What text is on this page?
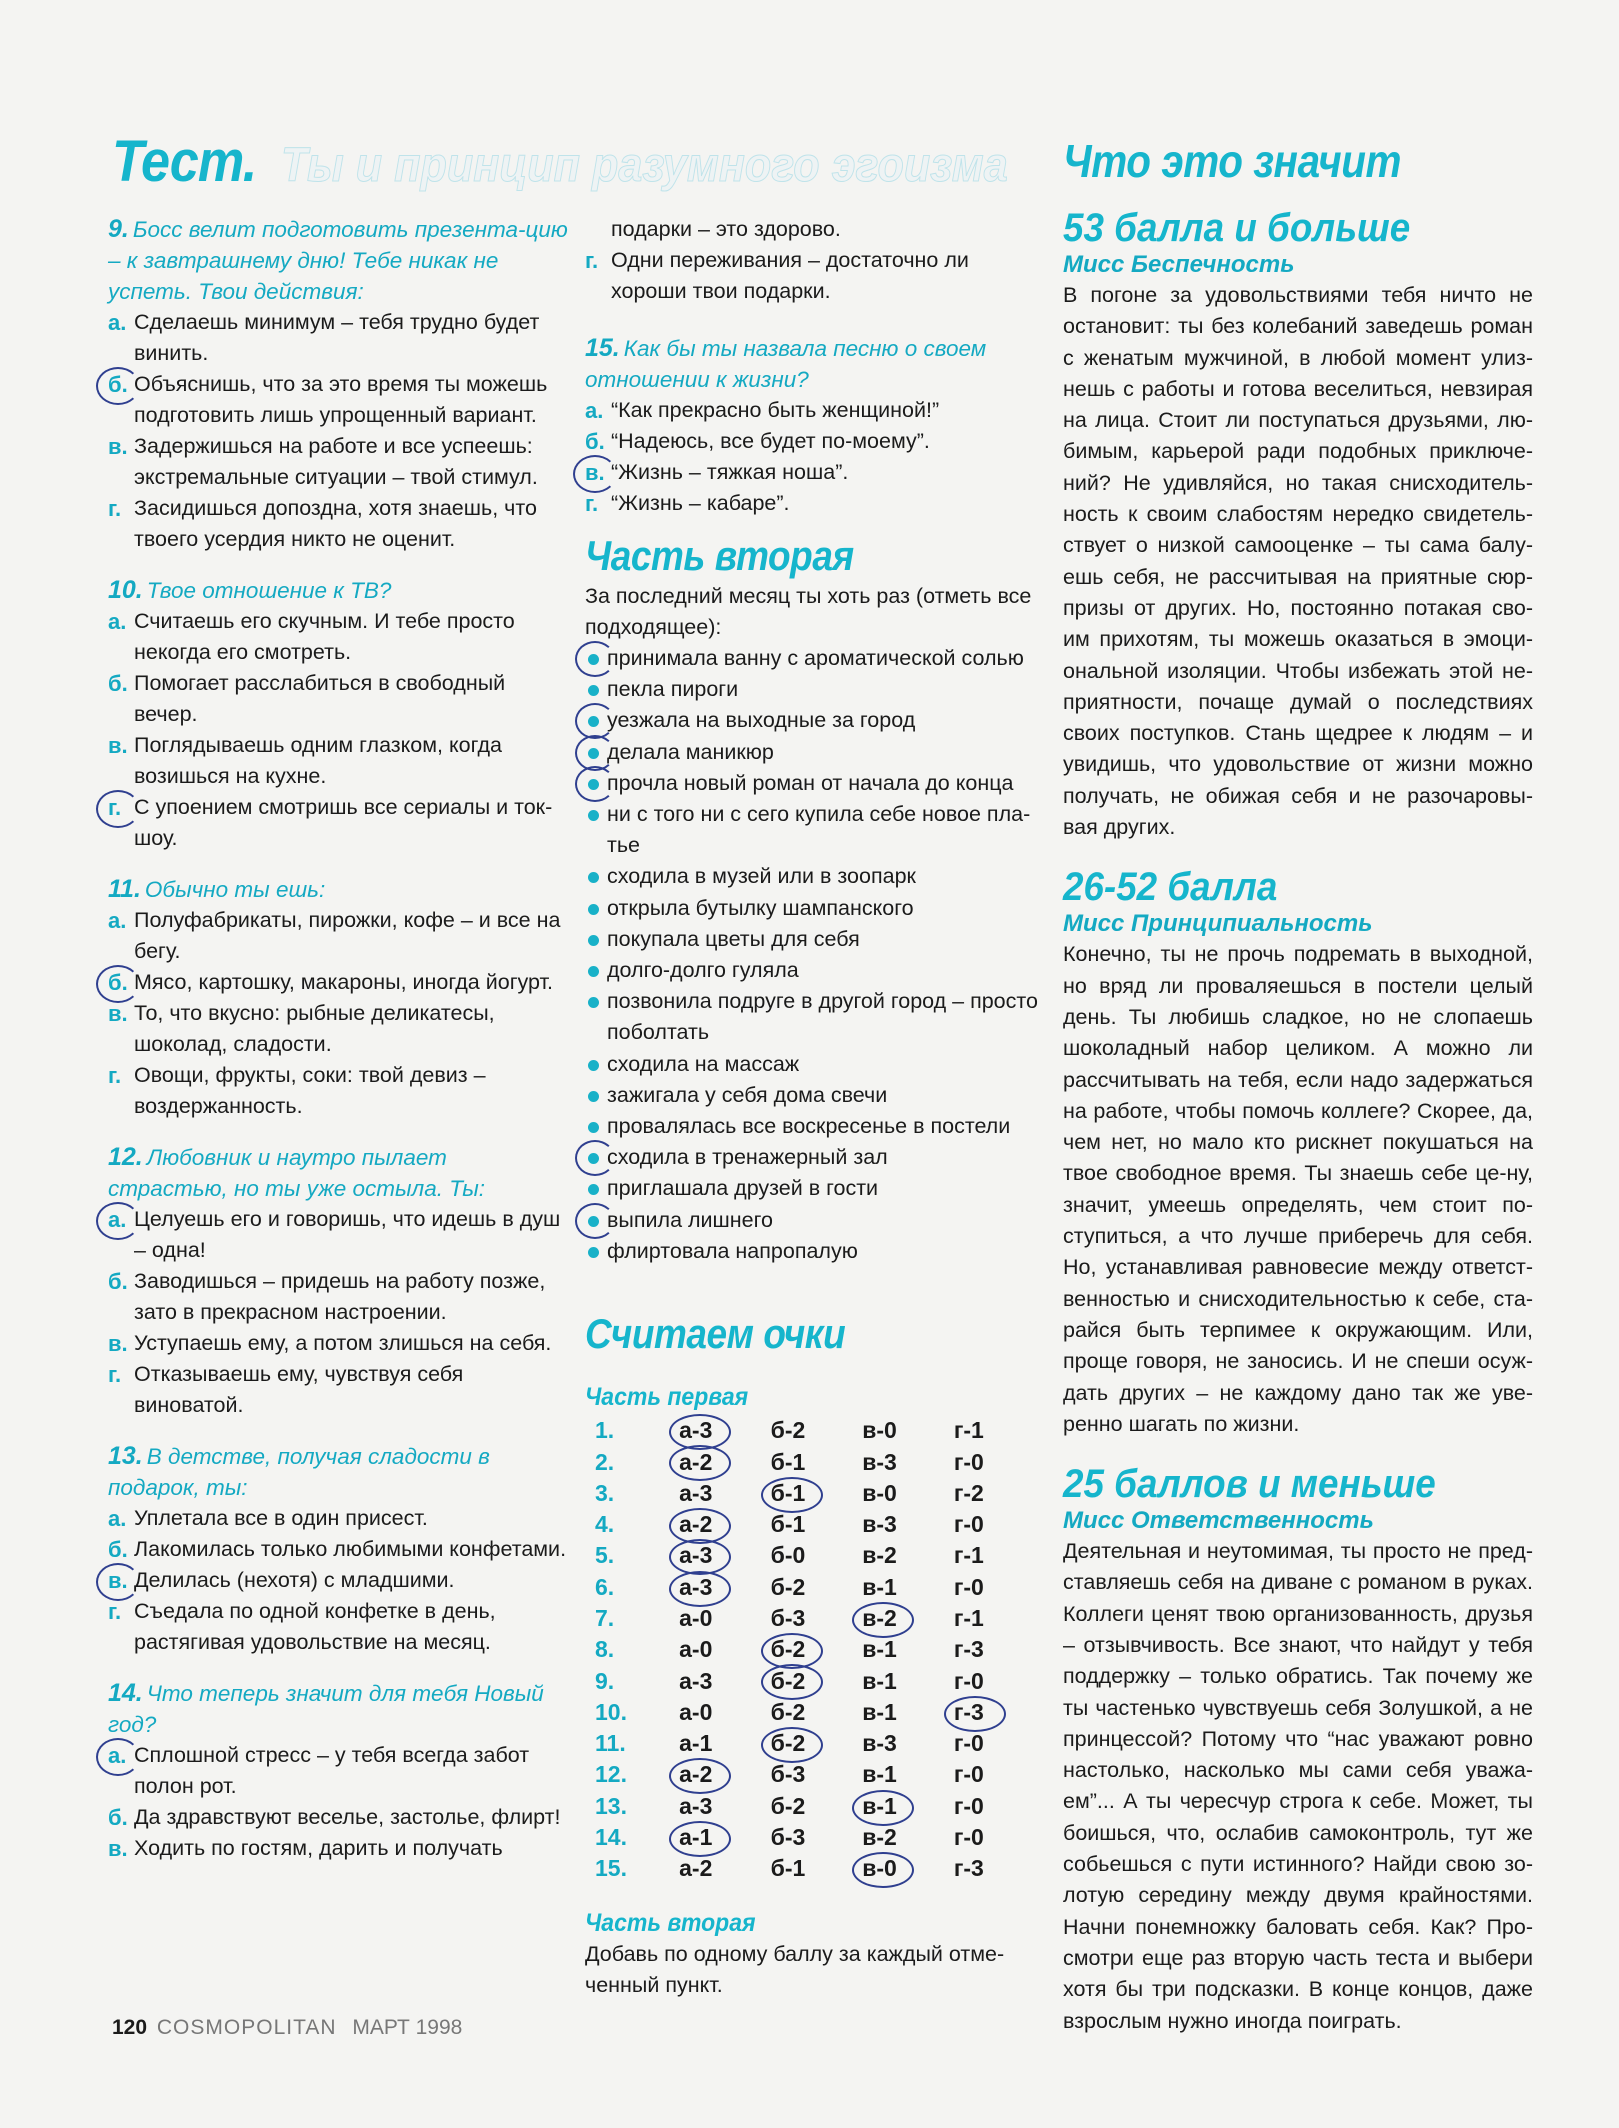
Тест. Ты и принцип разумного эгоизма
9. Босс велит подготовить презента-цию – к завтрашнему дню! Тебе никак не успеть. Твои действия:
а . Сделаешь минимум – тебя трудно будет винить.
б . Объяснишь, что за это время ты можешь подготовить лишь упрощенный вариант.
в . Задержишься на работе и все успеешь: экстремальные ситуации – твой стимул.
г . Засидишься допоздна, хотя знаешь, что твоего усердия никто не оценит.
10. Твое отношение к ТВ?
а . Считаешь его скучным. И тебе просто некогда его смотреть.
б . Помогает расслабиться в свободный вечер.
в . Поглядываешь одним глазком, когда возишься на кухне.
г . С упоением смотришь все сериалы и ток-шоу.
11. Обычно ты ешь:
а . Полуфабрикаты, пирожки, кофе – и все на бегу.
б . Мясо, картошку, макароны, иногда йогурт.
в . То, что вкусно: рыбные деликатесы, шоколад, сладости.
г . Овощи, фрукты, соки: твой девиз – воздержанность.
12. Любовник и наутро пылает страстью, но ты уже остыла. Ты:
а . Целуешь его и говоришь, что идешь в душ – одна!
б . Заводишься – придешь на работу позже, зато в прекрасном настроении.
в . Уступаешь ему, а потом злишься на себя.
г . Отказываешь ему, чувствуя себя виноватой.
13. В детстве, получая сладости в подарок, ты:
а . Уплетала все в один присест.
б . Лакомилась только любимыми конфетами.
в . Делилась (нехотя) с младшими.
г . Съедала по одной конфетке в день, растягивая удовольствие на месяц.
14. Что теперь значит для тебя Новый год?
а . Сплошной стресс – у тебя всегда забот полон рот.
б . Да здравствуют веселье, застолье, флирт!
в . Ходить по гостям, дарить и получать
подарки – это здорово.
г . Одни переживания – достаточно ли хороши твои подарки.
15. Как бы ты назвала песню о своем отношении к жизни?
а . “Как прекрасно быть женщиной!”
б . “Надеюсь, все будет по-моему”.
в . “Жизнь – тяжкая ноша”.
г . “Жизнь – кабаре”.
Часть вторая
За последний месяц ты хоть раз (отметь все подходящее):
принимала ванну с ароматической солью
пекла пироги
уезжала на выходные за город
делала маникюр
прочла новый роман от начала до конца
ни с того ни с сего купила себе новое пла-тье
сходила в музей или в зоопарк
открыла бутылку шампанского
покупала цветы для себя
долго-долго гуляла
позвонила подруге в другой город – просто поболтать
сходила на массаж
зажигала у себя дома свечи
провалялась все воскресенье в постели
сходила в тренажерный зал
приглашала друзей в гости
выпила лишнего
флиртовала напропалую
Считаем очки
Часть первая
1.	а-3	б-2	в-0	г-1
2.	а-2	б-1	в-3	г-0
3.	а-3	б-1	в-0	г-2
4.	а-2	б-1	в-3	г-0
5.	а-3	б-0	в-2	г-1
6.	а-3	б-2	в-1	г-0
7.	а-0	б-3	в-2	г-1
8.	а-0	б-2	в-1	г-3
9.	а-3	б-2	в-1	г-0
10.	а-0	б-2	в-1	г-3

11.	а-1	б-2	в-3	г-0
12.	а-2	б-3	в-1	г-0
13.	а-3	б-2	в-1	г-0
14.	а-1	б-3	в-2	г-0
15.	а-2	б-1	в-0	г-3
Часть вторая
Добавь по одному баллу за каждый отме-ченный пункт.
Что это значит
53 балла и больше
Мисс Беспечность
В погоне за удовольствиями тебя ничто не остановит: ты без колебаний заведешь роман с женатым мужчиной, в любой момент улиз-нешь с работы и готова веселиться, невзирая на лица. Стоит ли поступаться друзьями, лю-бимым, карьерой ради подобных приключе-ний? Не удивляйся, но такая снисходитель-ность к своим слабостям нередко свидетель-ствует о низкой самооценке – ты сама балу-ешь себя, не рассчитывая на приятные сюр-призы от других. Но, постоянно потакая сво-им прихотям, ты можешь оказаться в эмоци-ональной изоляции. Чтобы избежать этой не-приятности, почаще думай о последствиях своих поступков. Стань щедрее к людям – и увидишь, что удовольствие от жизни можно получать, не обижая себя и не разочаровы-вая других.
26-52 балла
Мисс Принципиальность
Конечно, ты не прочь подремать в выходной, но вряд ли проваляешься в постели целый день. Ты любишь сладкое, но не слопаешь шоколадный набор целиком. А можно ли рассчитывать на тебя, если надо задержаться на работе, чтобы помочь коллеге? Скорее, да, чем нет, но мало кто рискнет покушаться на твое свободное время. Ты знаешь себе це-ну, значит, умеешь определять, чем стоит по-ступиться, а что лучше приберечь для себя. Но, устанавливая равновесие между ответст-венностью и снисходительностью к себе, ста-райся быть терпимее к окружающим. Или, проще говоря, не заносись. И не спеши осуж-дать других – не каждому дано так же уве-ренно шагать по жизни.
25 баллов и меньше
Мисс Ответственность
Деятельная и неутомимая, ты просто не пред-ставляешь себя на диване с романом в руках. Коллеги ценят твою организованность, друзья – отзывчивость. Все знают, что найдут у тебя поддержку – только обратись. Так почему же ты частенько чувствуешь себя Золушкой, а не принцессой? Потому что “нас уважают ровно настолько, насколько мы сами себя уважа-ем”... А ты чересчур строга к себе. Может, ты боишься, что, ослабив самоконтроль, тут же собьешься с пути истинного? Найди свою зо-лотую середину между двумя крайностями. Начни понемножку баловать себя. Как? Про-смотри еще раз вторую часть теста и выбери хотя бы три подсказки. В конце концов, даже взрослым нужно иногда поиграть.
120 COSMOPOLITAN МАРТ 1998
